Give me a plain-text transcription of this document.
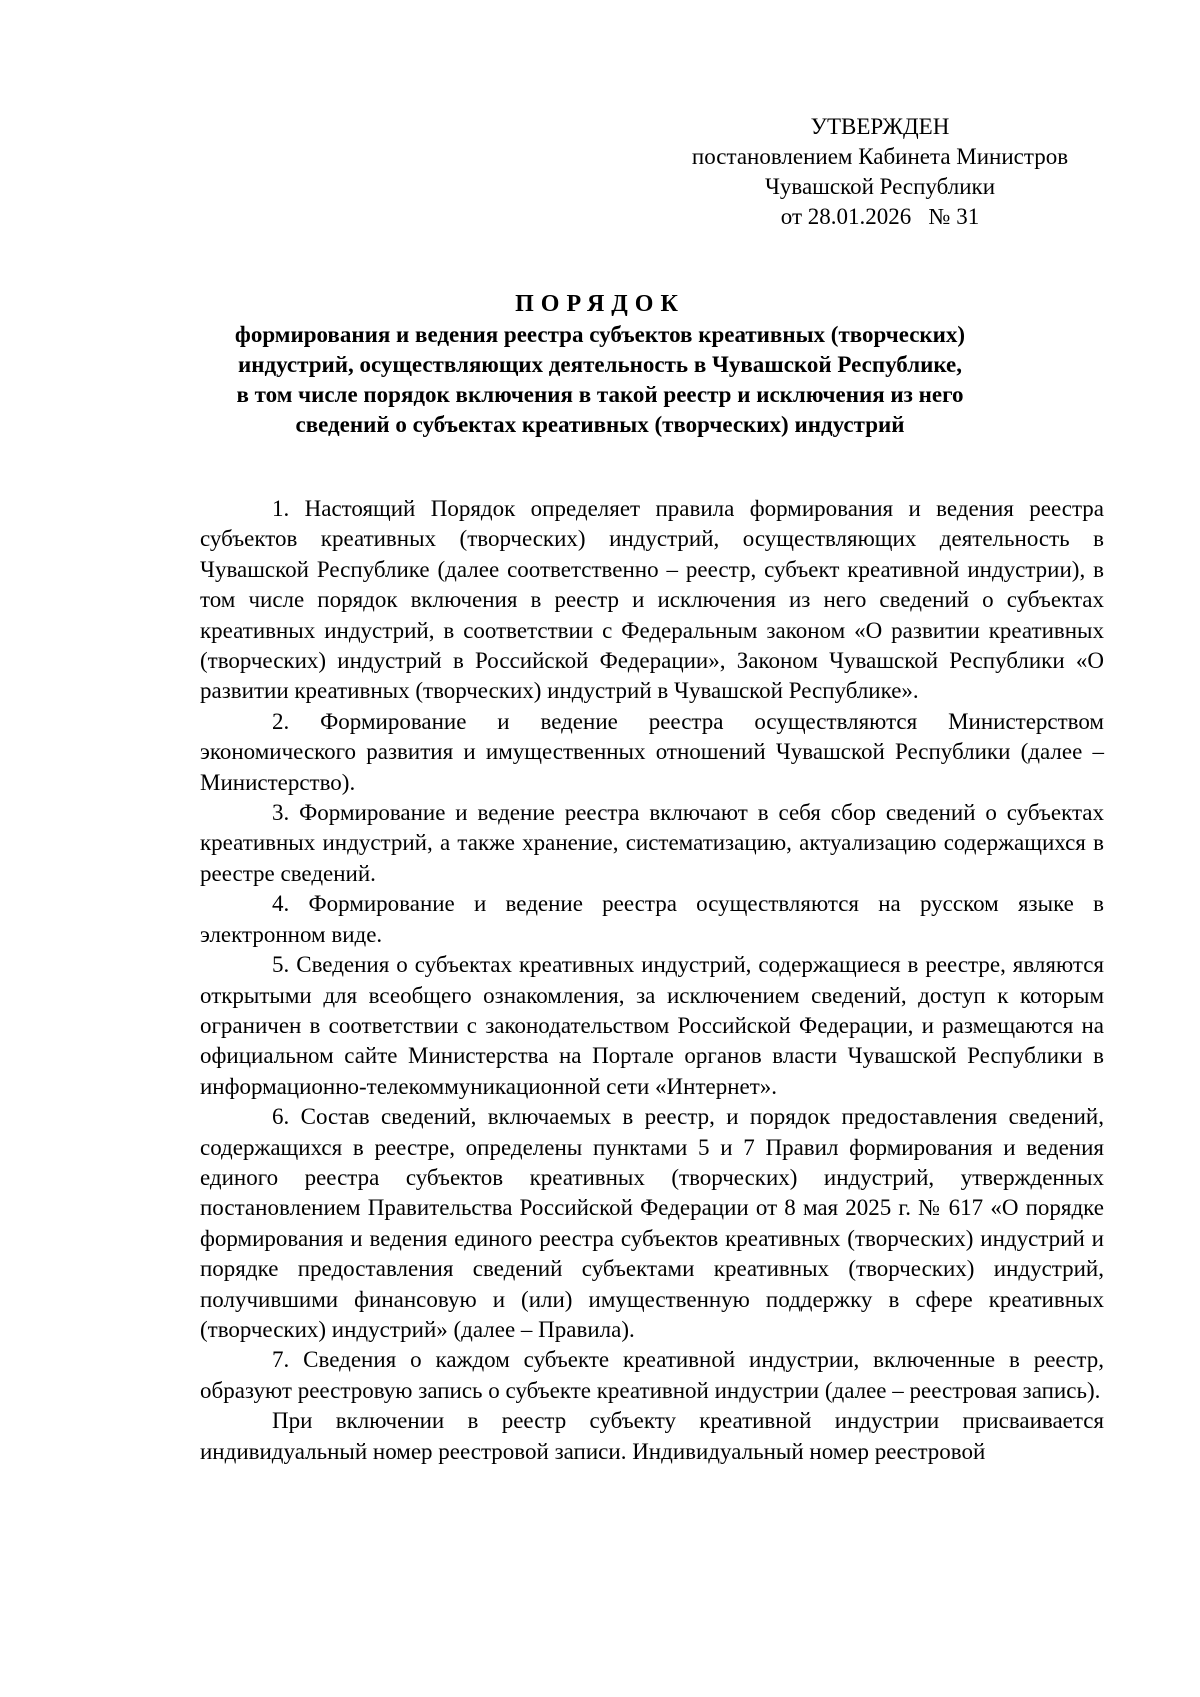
УТВЕРЖДЕН
постановлением Кабинета Министров
Чувашской Республики
от 28.01.2026   № 31
ПОРЯДОК
формирования и ведения реестра субъектов креативных (творческих)
индустрий, осуществляющих деятельность в Чувашской Республике,
в том числе порядок включения в такой реестр и исключения из него
сведений о субъектах креативных (творческих) индустрий

1. Настоящий Порядок определяет правила формирования и ведения реестра субъектов креативных (творческих) индустрий, осуществляющих деятельность в Чувашской Республике (далее соответственно – реестр, субъект креативной индустрии), в том числе порядок включения в реестр и исключения из него сведений о субъектах креативных индустрий, в соответствии с Федеральным законом «О развитии креативных (творческих) индустрий в Российской Федерации», Законом Чувашской Республики «О развитии креативных (творческих) индустрий в Чувашской Республике».

2. Формирование и ведение реестра осуществляются Министерством экономического развития и имущественных отношений Чувашской Республики (далее – Министерство).

3. Формирование и ведение реестра включают в себя сбор сведений о субъектах креативных индустрий, а также хранение, систематизацию, актуализацию содержащихся в реестре сведений.

4. Формирование и ведение реестра осуществляются на русском языке в электронном виде.

5. Сведения о субъектах креативных индустрий, содержащиеся в реестре, являются открытыми для всеобщего ознакомления, за исключением сведений, доступ к которым ограничен в соответствии с законодательством Российской Федерации, и размещаются на официальном сайте Министерства на Портале органов власти Чувашской Республики в информационно-телекоммуникационной сети «Интернет».

6. Состав сведений, включаемых в реестр, и порядок предоставления сведений, содержащихся в реестре, определены пунктами 5 и 7 Правил формирования и ведения единого реестра субъектов креативных (творческих) индустрий, утвержденных постановлением Правительства Российской Федерации от 8 мая 2025 г. № 617 «О порядке формирования и ведения единого реестра субъектов креативных (творческих) индустрий и порядке предоставления сведений субъектами креативных (творческих) индустрий, получившими финансовую и (или) имущественную поддержку в сфере креативных (творческих) индустрий» (далее – Правила).

7. Сведения о каждом субъекте креативной индустрии, включенные в реестр, образуют реестровую запись о субъекте креативной индустрии (далее – реестровая запись).

При включении в реестр субъекту креативной индустрии присваивается индивидуальный номер реестровой записи. Индивидуальный номер реестровой
